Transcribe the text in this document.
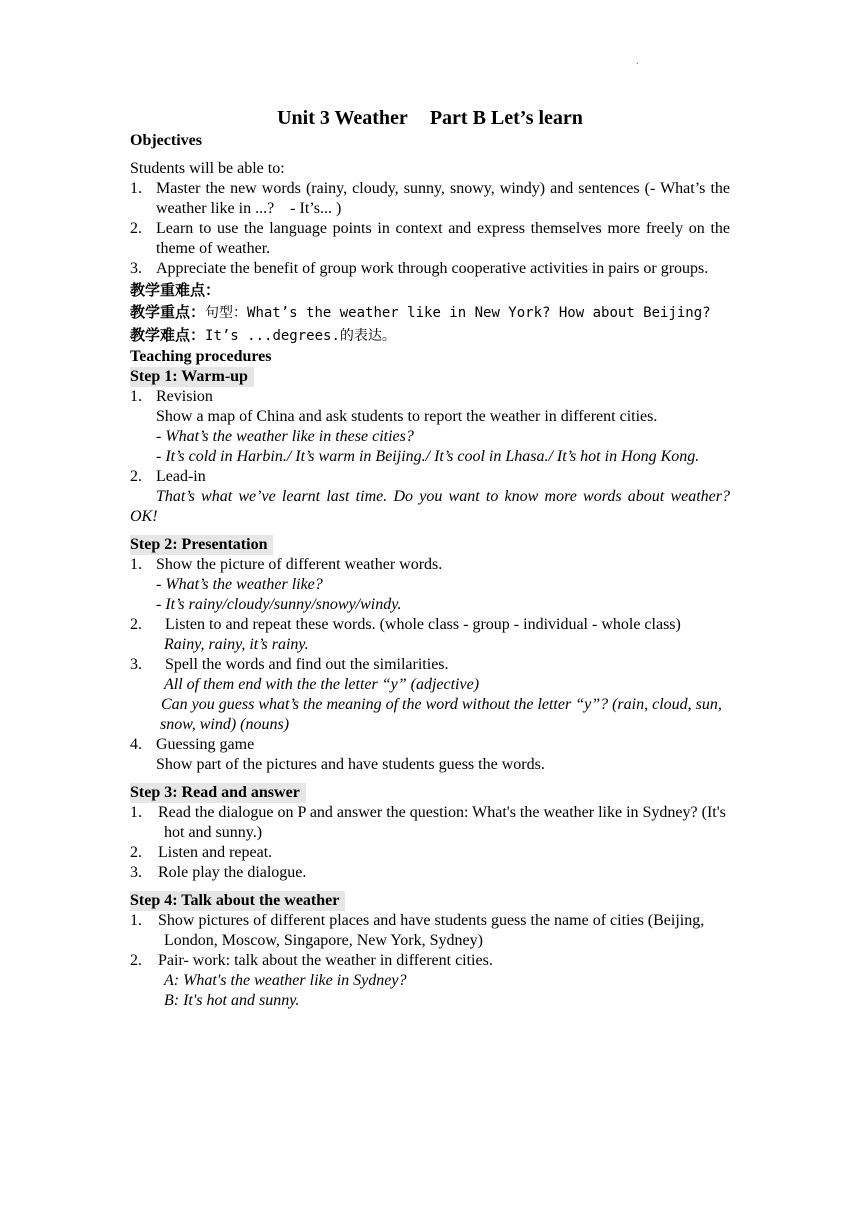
.
Unit 3 Weather Part B Let’s learn
Objectives
Students will be able to:
1. Master the new words (rainy, cloudy, sunny, snowy, windy) and sentences (- What’s the weather like in ...?　- It’s... )
2. Learn to use the language points in context and express themselves more freely on the theme of weather.
3. Appreciate the benefit of group work through cooperative activities in pairs or groups.
教学重难点：
教学重点：句型：What’s the weather like in New York? How about Beijing?
教学难点：It’s ...degrees.的表达。
Teaching procedures
Step 1: Warm-up
1. Revision
Show a map of China and ask students to report the weather in different cities.
- What’s the weather like in these cities?
- It’s cold in Harbin./ It’s warm in Beijing./ It’s cool in Lhasa./ It’s hot in Hong Kong.
2. Lead-in
That’s what we’ve learnt last time. Do you want to know more words about weather? OK!
Step 2: Presentation
1. Show the picture of different weather words.
- What’s the weather like?
- It’s rainy/cloudy/sunny/snowy/windy.
2.	Listen to and repeat these words. (whole class - group - individual - whole class)
Rainy, rainy, it’s rainy.
3.	Spell the words and find out the similarities.
All of them end with the the letter “y” (adjective)
Can you guess what’s the meaning of the word without the letter “y”? (rain, cloud, sun,
snow, wind) (nouns)
4. Guessing game
Show part of the pictures and have students guess the words.
Step 3: Read and answer
1.　Read the dialogue on P and answer the question: What's the weather like in Sydney? (It's
hot and sunny.)
2.　Listen and repeat.
3.　Role play the dialogue.
Step 4: Talk about the weather
1.　Show pictures of different places and have students guess the name of cities (Beijing,
London, Moscow, Singapore, New York, Sydney)
2.　Pair- work: talk about the weather in different cities.
A: What's the weather like in Sydney?
B: It's hot and sunny.
